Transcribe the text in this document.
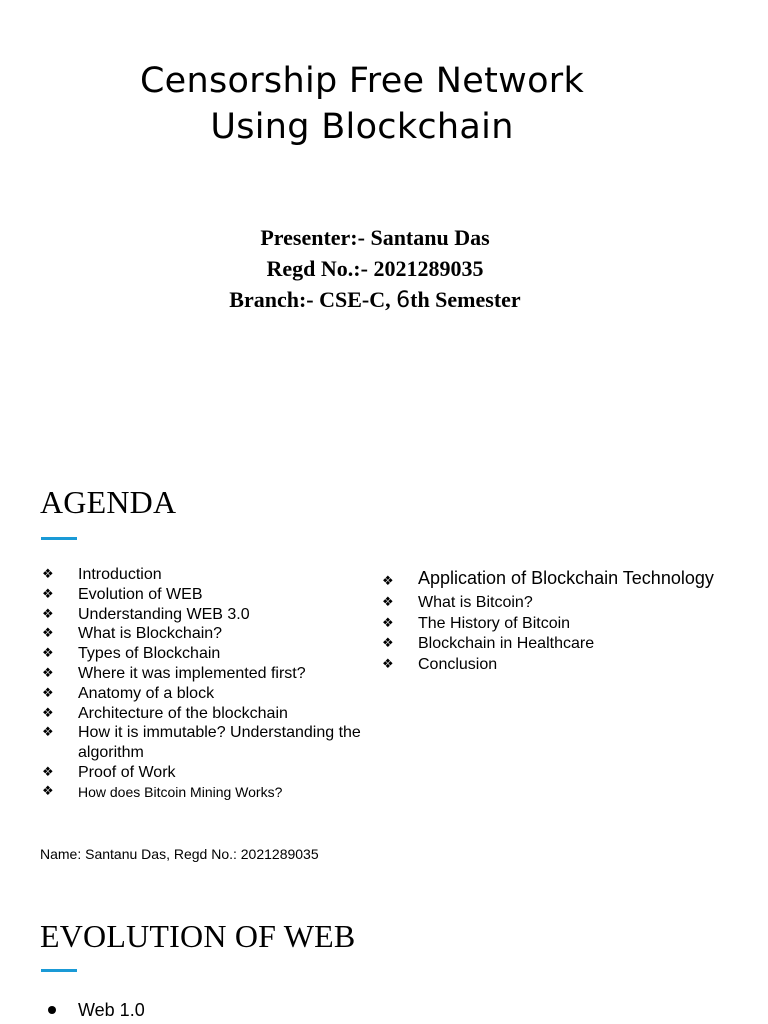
Censorship Free Network
Using Blockchain
Presenter:- Santanu Das
Regd No.:- 2021289035
Branch:- CSE-C, 6th Semester
AGENDA
❖ Introduction
❖ Evolution of WEB
❖ Understanding WEB 3.0
❖ What is Blockchain?
❖ Types of Blockchain
❖ Where it was implemented first?
❖ Anatomy of a block
❖ Architecture of the blockchain
❖ How it is immutable? Understanding the algorithm
❖ Proof of Work
❖ How does Bitcoin Mining Works?
❖ Application of Blockchain Technology
❖ What is Bitcoin?
❖ The History of Bitcoin
❖ Blockchain in Healthcare
❖ Conclusion
Name: Santanu Das, Regd No.: 2021289035
EVOLUTION OF WEB
Web 1.0
